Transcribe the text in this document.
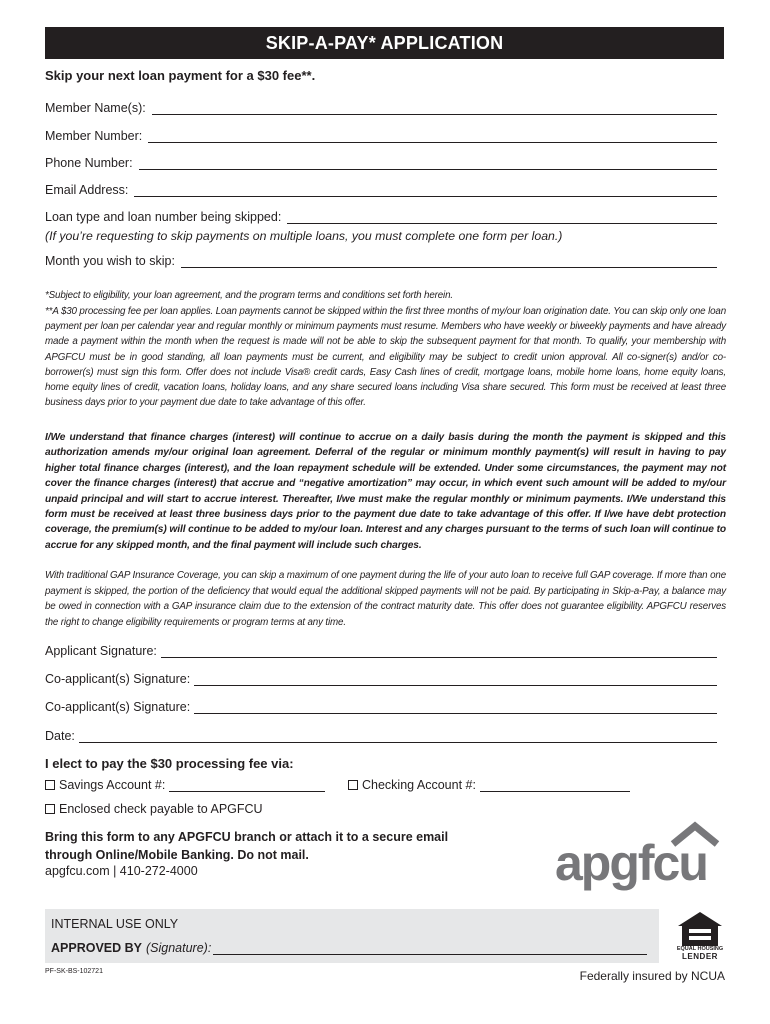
SKIP-A-PAY* APPLICATION
Skip your next loan payment for a $30 fee**.
Member Name(s):
Member Number:
Phone Number:
Email Address:
Loan type and loan number being skipped:
(If you’re requesting to skip payments on multiple loans, you must complete one form per loan.)
Month you wish to skip:

*Subject to eligibility, your loan agreement, and the program terms and conditions set forth herein.

**A $30 processing fee per loan applies. Loan payments cannot be skipped within the first three months of my/our loan origination date. You can skip only one loan payment per loan per calendar year and regular monthly or minimum payments must resume. Members who have weekly or biweekly payments and have already made a payment within the month when the request is made will not be able to skip the subsequent payment for that month. To qualify, your membership with APGFCU must be in good standing, all loan payments must be current, and eligibility may be subject to credit union approval. All co-signer(s) and/or co-borrower(s) must sign this form. Offer does not include Visa® credit cards, Easy Cash lines of credit, mortgage loans, mobile home loans, home equity loans, home equity lines of credit, vacation loans, holiday loans, and any share secured loans including Visa share secured. This form must be received at least three business days prior to your payment due date to take advantage of this offer.

I/We understand that finance charges (interest) will continue to accrue on a daily basis during the month the payment is skipped and this authorization amends my/our original loan agreement. Deferral of the regular or minimum monthly payment(s) will result in having to pay higher total finance charges (interest), and the loan repayment schedule will be extended. Under some circumstances, the payment may not cover the finance charges (interest) that accrue and “negative amortization” may occur, in which event such amount will be added to my/our unpaid principal and will start to accrue interest. Thereafter, I/we must make the regular monthly or minimum payments. I/We understand this form must be received at least three business days prior to the payment due date to take advantage of this offer. If I/we have debt protection coverage, the premium(s) will continue to be added to my/our loan. Interest and any charges pursuant to the terms of such loan will continue to accrue for any skipped month, and the final payment will include such charges.

With traditional GAP Insurance Coverage, you can skip a maximum of one payment during the life of your auto loan to receive full GAP coverage. If more than one payment is skipped, the portion of the deficiency that would equal the additional skipped payments will not be paid. By participating in Skip-a-Pay, a balance may be owed in connection with a GAP insurance claim due to the extension of the contract maturity date. This offer does not guarantee eligibility. APGFCU reserves the right to change eligibility requirements or program terms at any time.

Applicant Signature:
Co-applicant(s) Signature:
Co-applicant(s) Signature:
Date:
I elect to pay the $30 processing fee via:
Savings Account #:	Checking Account #:
Enclosed check payable to APGFCU
Bring this form to any APGFCU branch or attach it to a secure email
through Online/Mobile Banking. Do not mail.
apgfcu.com | 410-272-4000	apgfcu
INTERNAL USE ONLY
APPROVED BY (Signature):
PF-SK-BS-102721
EQUAL HOUSING
LENDER
Federally insured by NCUA
